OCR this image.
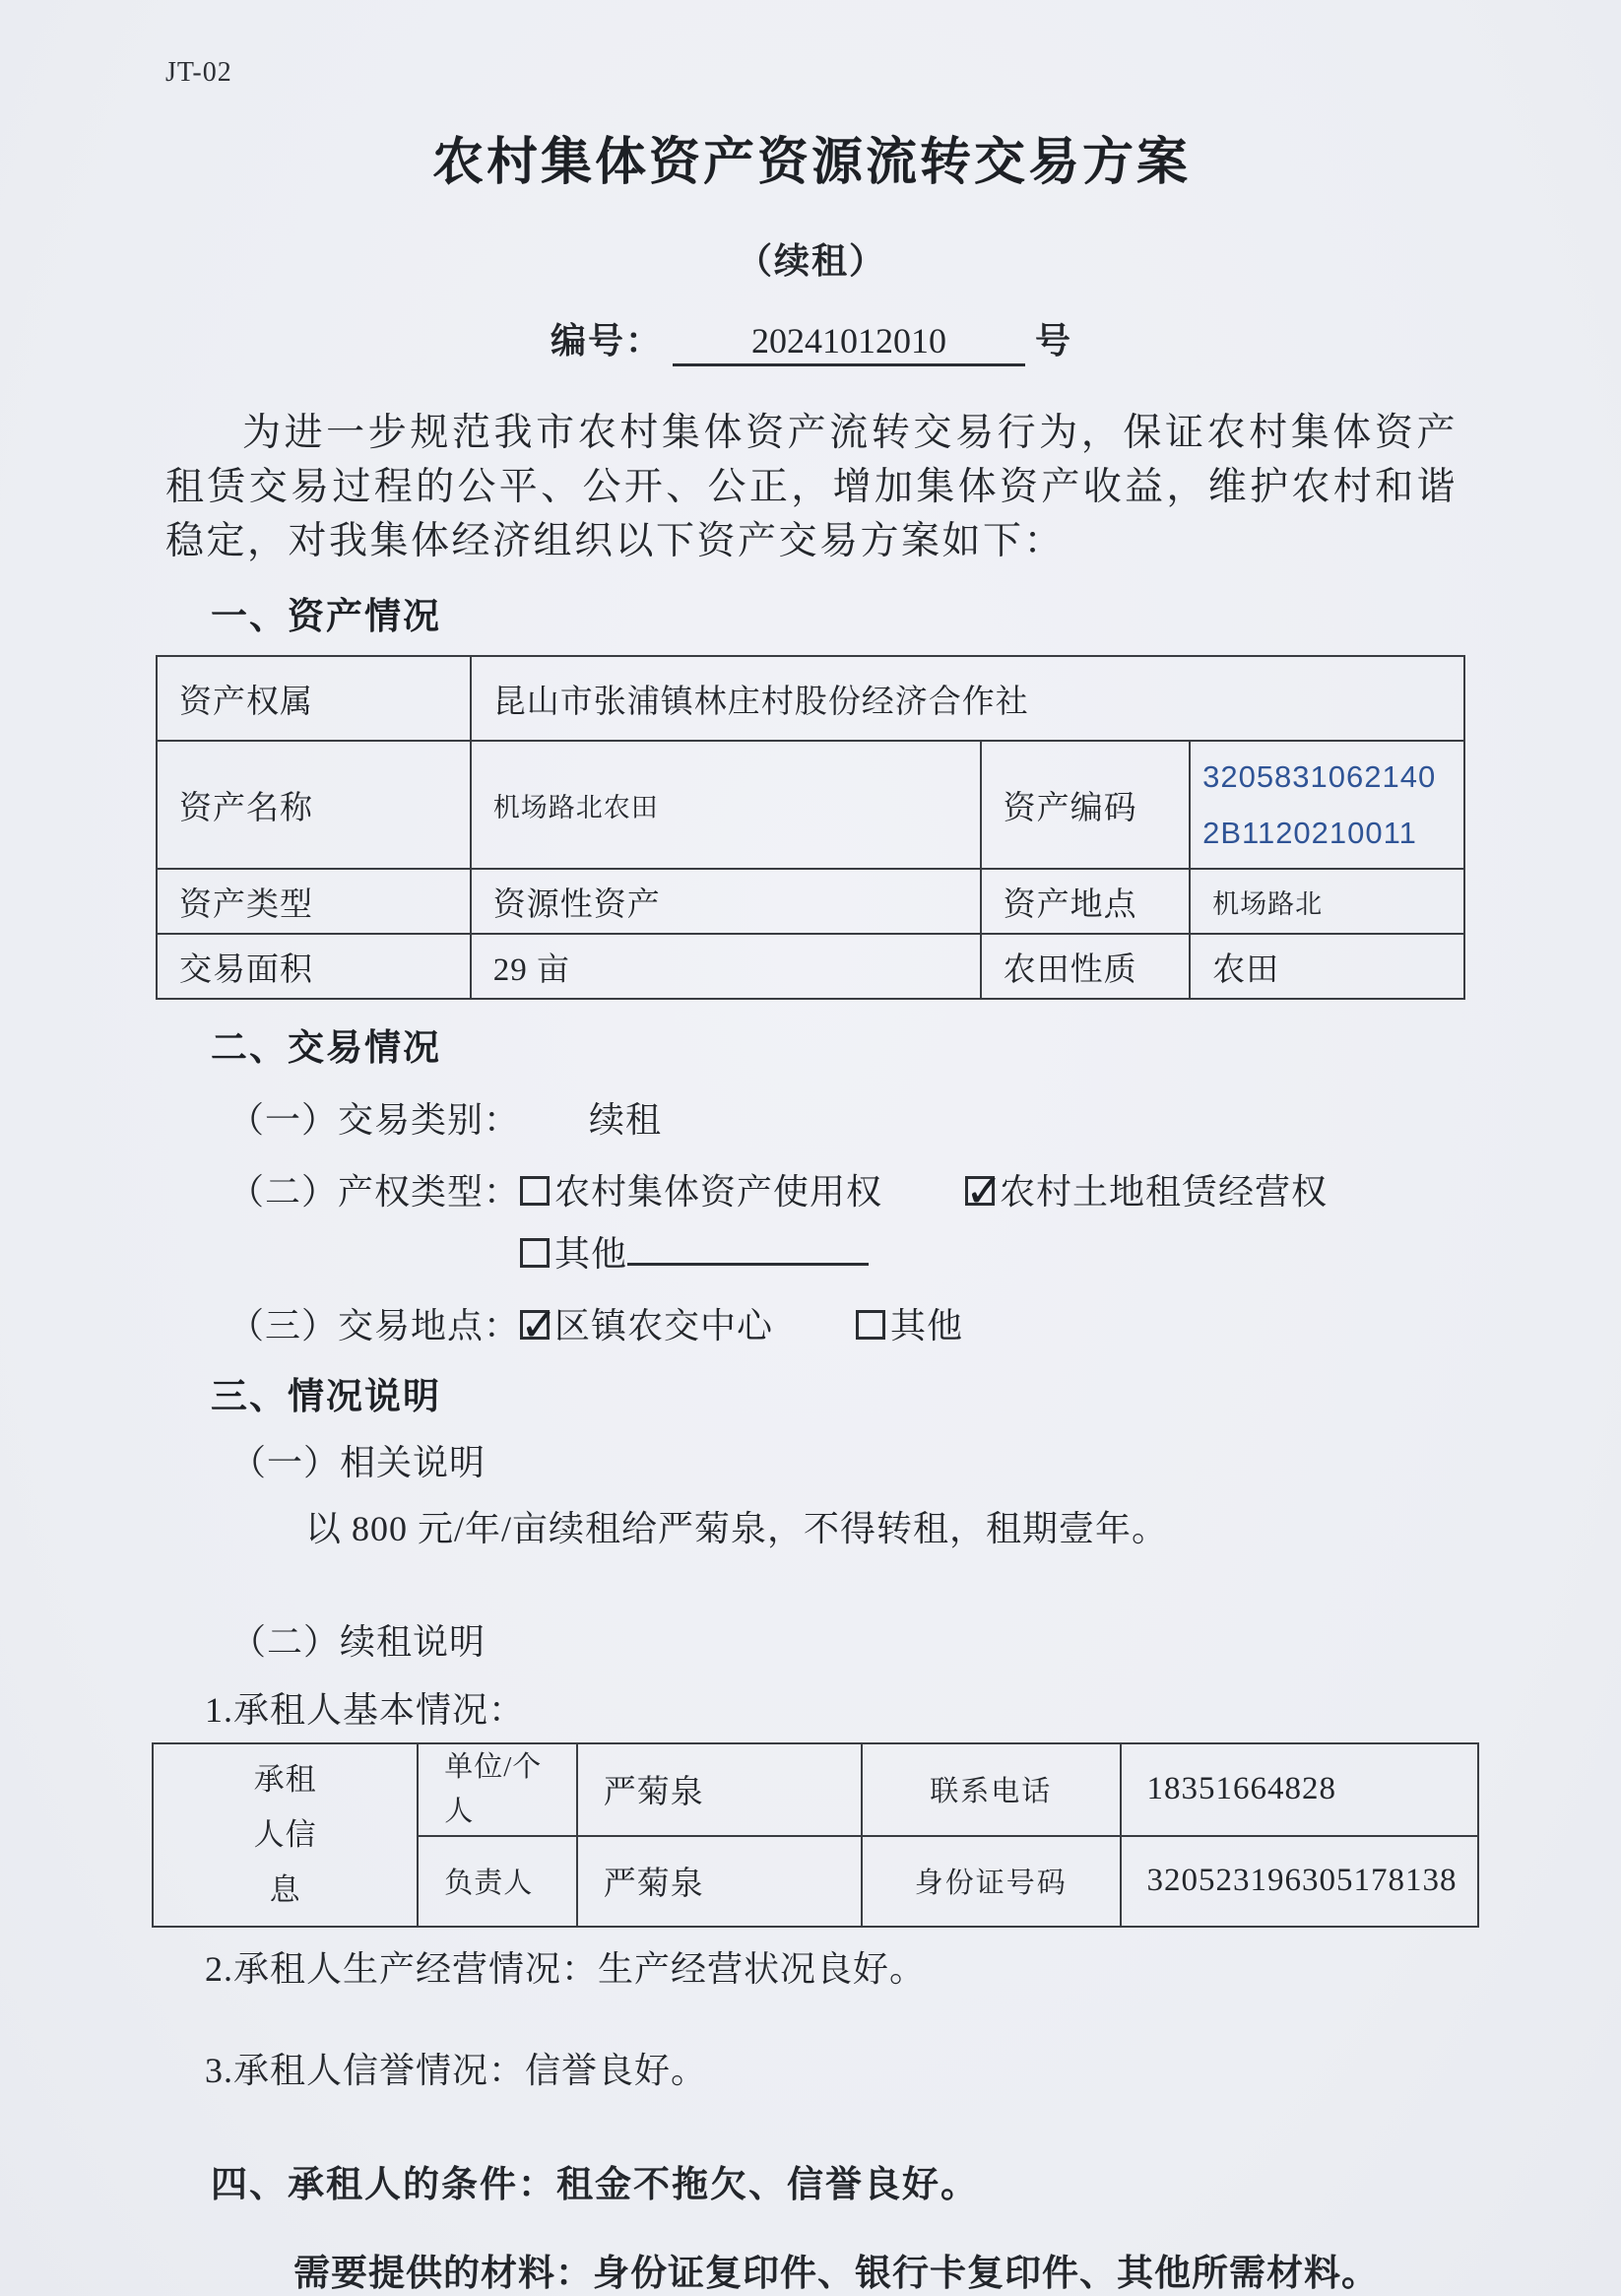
JT-02
农村集体资产资源流转交易方案
（续租）
编号：	20241012010	号

为进一步规范我市农村集体资产流转交易行为，保证农村集体资产租赁交易过程的公平、公开、公正，增加集体资产收益，维护农村和谐稳定，对我集体经济组织以下资产交易方案如下：

一、资产情况
资产权属	昆山市张浦镇林庄村股份经济合作社		
资产名称	机场路北农田	资产编码	3205831062140
2B1120210011

资产类型	资源性资产	资产地点	机场路北
交易面积	29 亩	农田性质	农田
二、交易情况
（一）交易类别： 续租
（二）产权类型： 农村集体资产使用权 ✓	农村土地租赁经营权
其他
（三）交易地点： ✓ 区镇农交中心	其他
三、情况说明
（一）相关说明
以 800 元/年/亩续租给严菊泉，不得转租，租期壹年。
（二）续租说明
1.承租人基本情况：
承租人信息	单位/个人	严菊泉	联系电话	18351664828
	负责人	严菊泉	身份证号码	320523196305178138
2.承租人生产经营情况：生产经营状况良好。
3.承租人信誉情况：信誉良好。
四、承租人的条件：租金不拖欠、信誉良好。
需要提供的材料：身份证复印件、银行卡复印件、其他所需材料。
